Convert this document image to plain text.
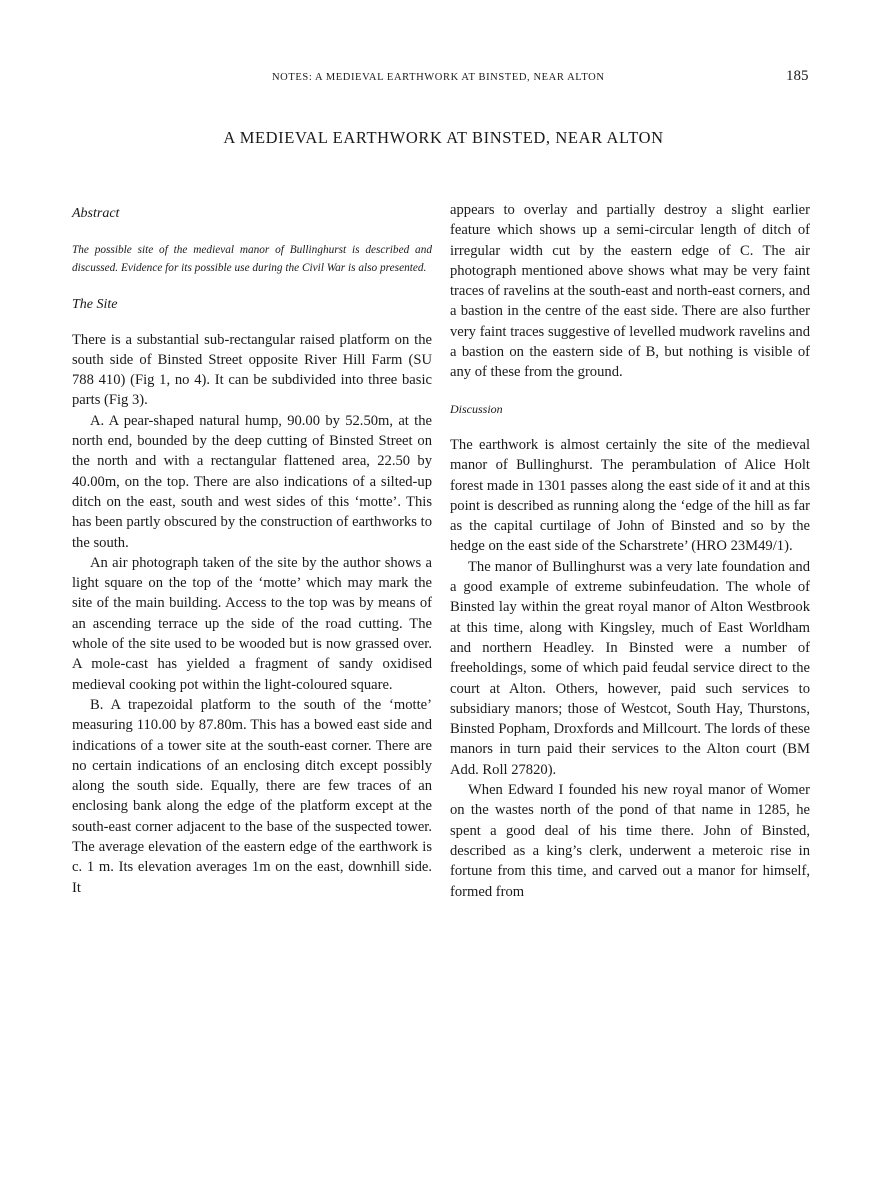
NOTES: A MEDIEVAL EARTHWORK AT BINSTED, NEAR ALTON	185
A MEDIEVAL EARTHWORK AT BINSTED, NEAR ALTON
Abstract

The possible site of the medieval manor of Bullinghurst is described and discussed. Evidence for its possible use during the Civil War is also presented.

The Site

There is a substantial sub-rectangular raised platform on the south side of Binsted Street opposite River Hill Farm (SU 788 410) (Fig 1, no 4). It can be subdivided into three basic parts (Fig 3).

A. A pear-shaped natural hump, 90.00 by 52.50m, at the north end, bounded by the deep cutting of Binsted Street on the north and with a rectangular flattened area, 22.50 by 40.00m, on the top. There are also indications of a silted-up ditch on the east, south and west sides of this ‘motte’. This has been partly obscured by the construction of earthworks to the south.

An air photograph taken of the site by the author shows a light square on the top of the ‘motte’ which may mark the site of the main building. Access to the top was by means of an ascending terrace up the side of the road cutting. The whole of the site used to be wooded but is now grassed over. A mole-cast has yielded a fragment of sandy oxidised medieval cooking pot within the light-coloured square.

B. A trapezoidal platform to the south of the ‘motte’ measuring 110.00 by 87.80m. This has a bowed east side and indications of a tower site at the south-east corner. There are no certain indications of an enclosing ditch except possibly along the south side. Equally, there are few traces of an enclosing bank along the edge of the platform except at the south-east corner adjacent to the base of the suspected tower. The average elevation of the eastern edge of the earthwork is c. 1 m. Its elevation averages 1m on the east, downhill side. It

appears to overlay and partially destroy a slight earlier feature which shows up a semi-circular length of ditch of irregular width cut by the eastern edge of C. The air photograph mentioned above shows what may be very faint traces of ravelins at the south-east and north-east corners, and a bastion in the centre of the east side. There are also further very faint traces suggestive of levelled mudwork ravelins and a bastion on the eastern side of B, but nothing is visible of any of these from the ground.

Discussion

The earthwork is almost certainly the site of the medieval manor of Bullinghurst. The perambulation of Alice Holt forest made in 1301 passes along the east side of it and at this point is described as running along the ‘edge of the hill as far as the capital curtilage of John of Binsted and so by the hedge on the east side of the Scharstrete’ (HRO 23M49/1).

The manor of Bullinghurst was a very late foundation and a good example of extreme subinfeudation. The whole of Binsted lay within the great royal manor of Alton Westbrook at this time, along with Kingsley, much of East Worldham and northern Headley. In Binsted were a number of freeholdings, some of which paid feudal service direct to the court at Alton. Others, however, paid such services to subsidiary manors; those of Westcot, South Hay, Thurstons, Binsted Popham, Droxfords and Millcourt. The lords of these manors in turn paid their services to the Alton court (BM Add. Roll 27820).

When Edward I founded his new royal manor of Womer on the wastes north of the pond of that name in 1285, he spent a good deal of his time there. John of Binsted, described as a king’s clerk, underwent a meteroic rise in fortune from this time, and carved out a manor for himself, formed from
